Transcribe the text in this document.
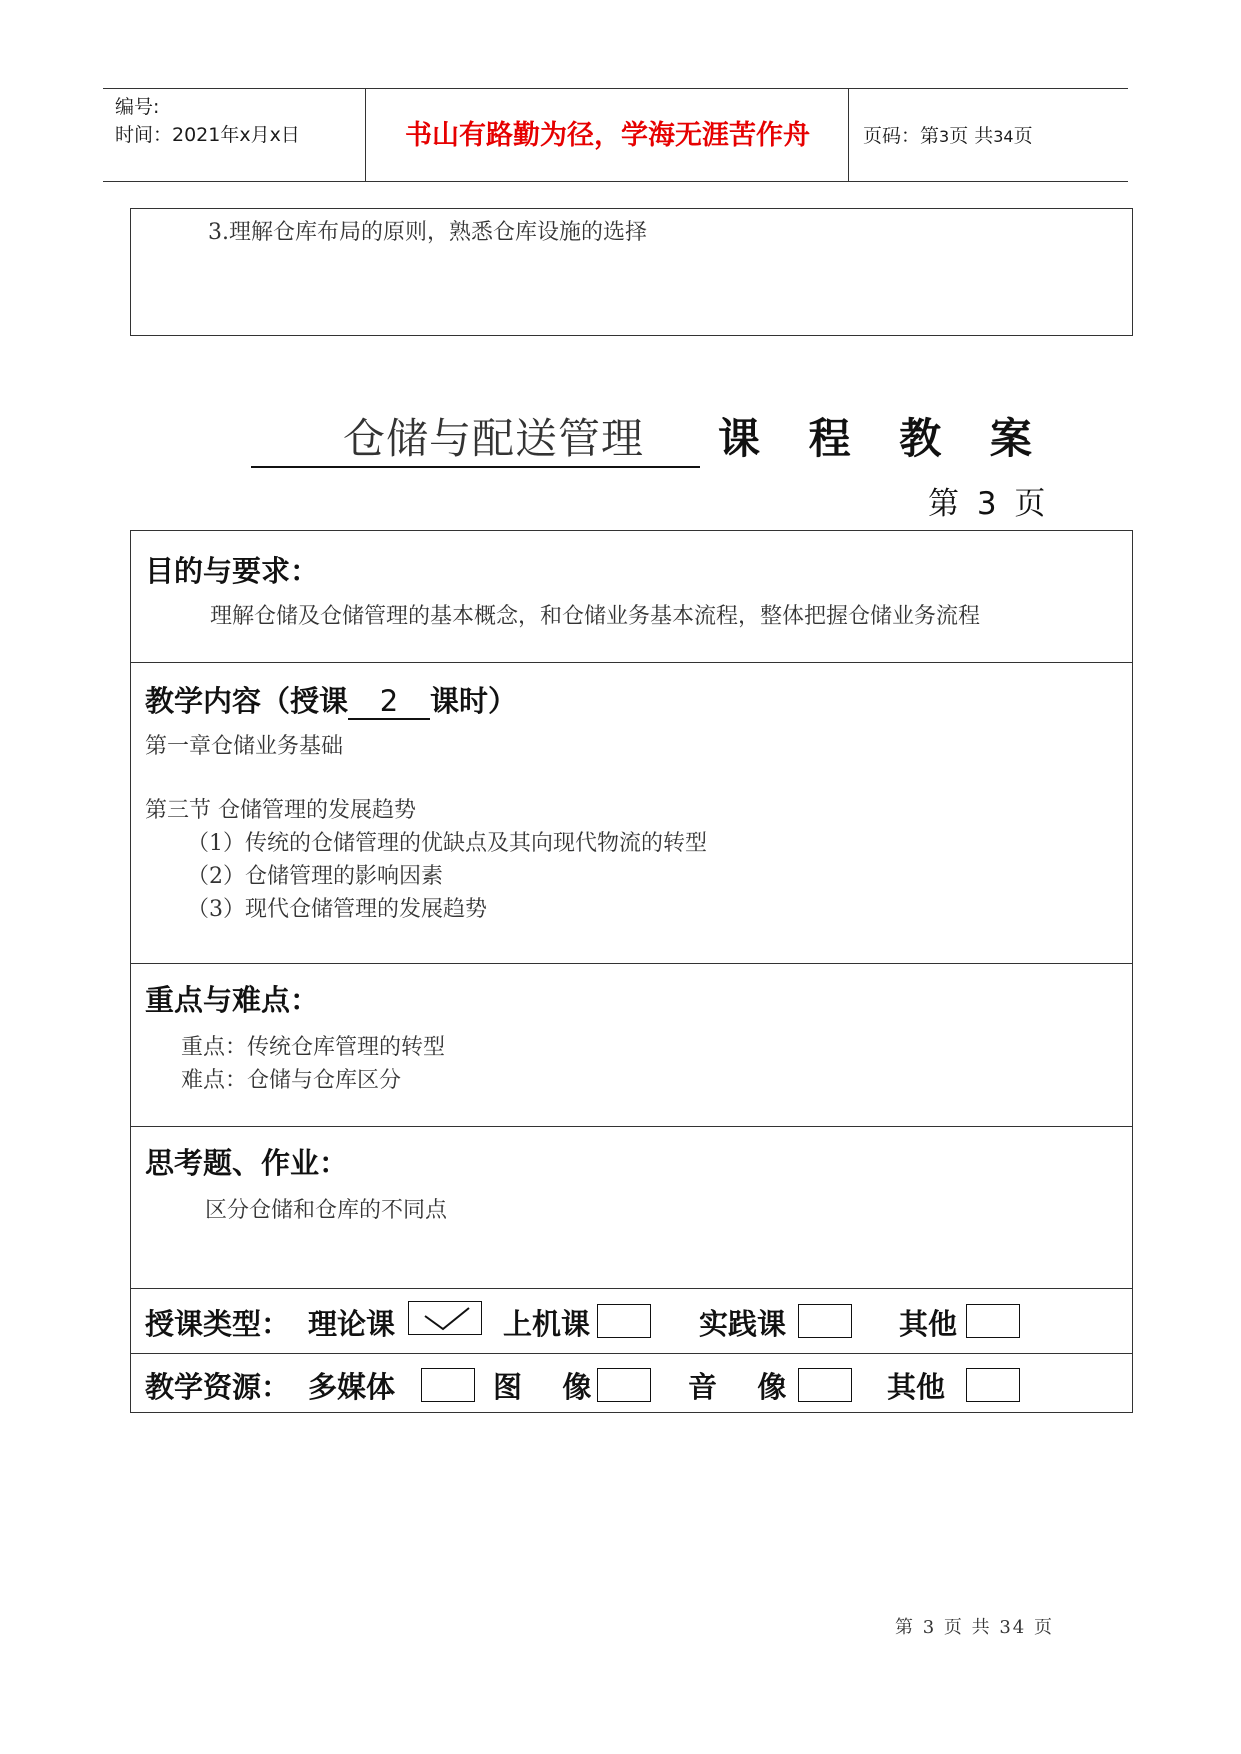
编号:
时间：2021年x月x日	书山有路勤为径，学海无涯苦作舟	页码：第3页 共34页
3.理解仓库布局的原则，熟悉仓库设施的选择
仓储与配送管理 课 程 教 案
第 3 页
目的与要求：
理解仓储及仓储管理的基本概念，和仓储业务基本流程，整体把握仓储业务流程
教学内容（授课 2 课时）
第一章仓储业务基础
第三节 仓储管理的发展趋势
（1）传统的仓储管理的优缺点及其向现代物流的转型
（2）仓储管理的影响因素
（3）现代仓储管理的发展趋势
重点与难点：
重点：传统仓库管理的转型
难点：仓储与仓库区分
思考题、作业：
区分仓储和仓库的不同点
授课类型： 理论课	上机课	实践课	其他
教学资源： 多媒体	图    像	音    像	其他
第 3 页 共 34 页
